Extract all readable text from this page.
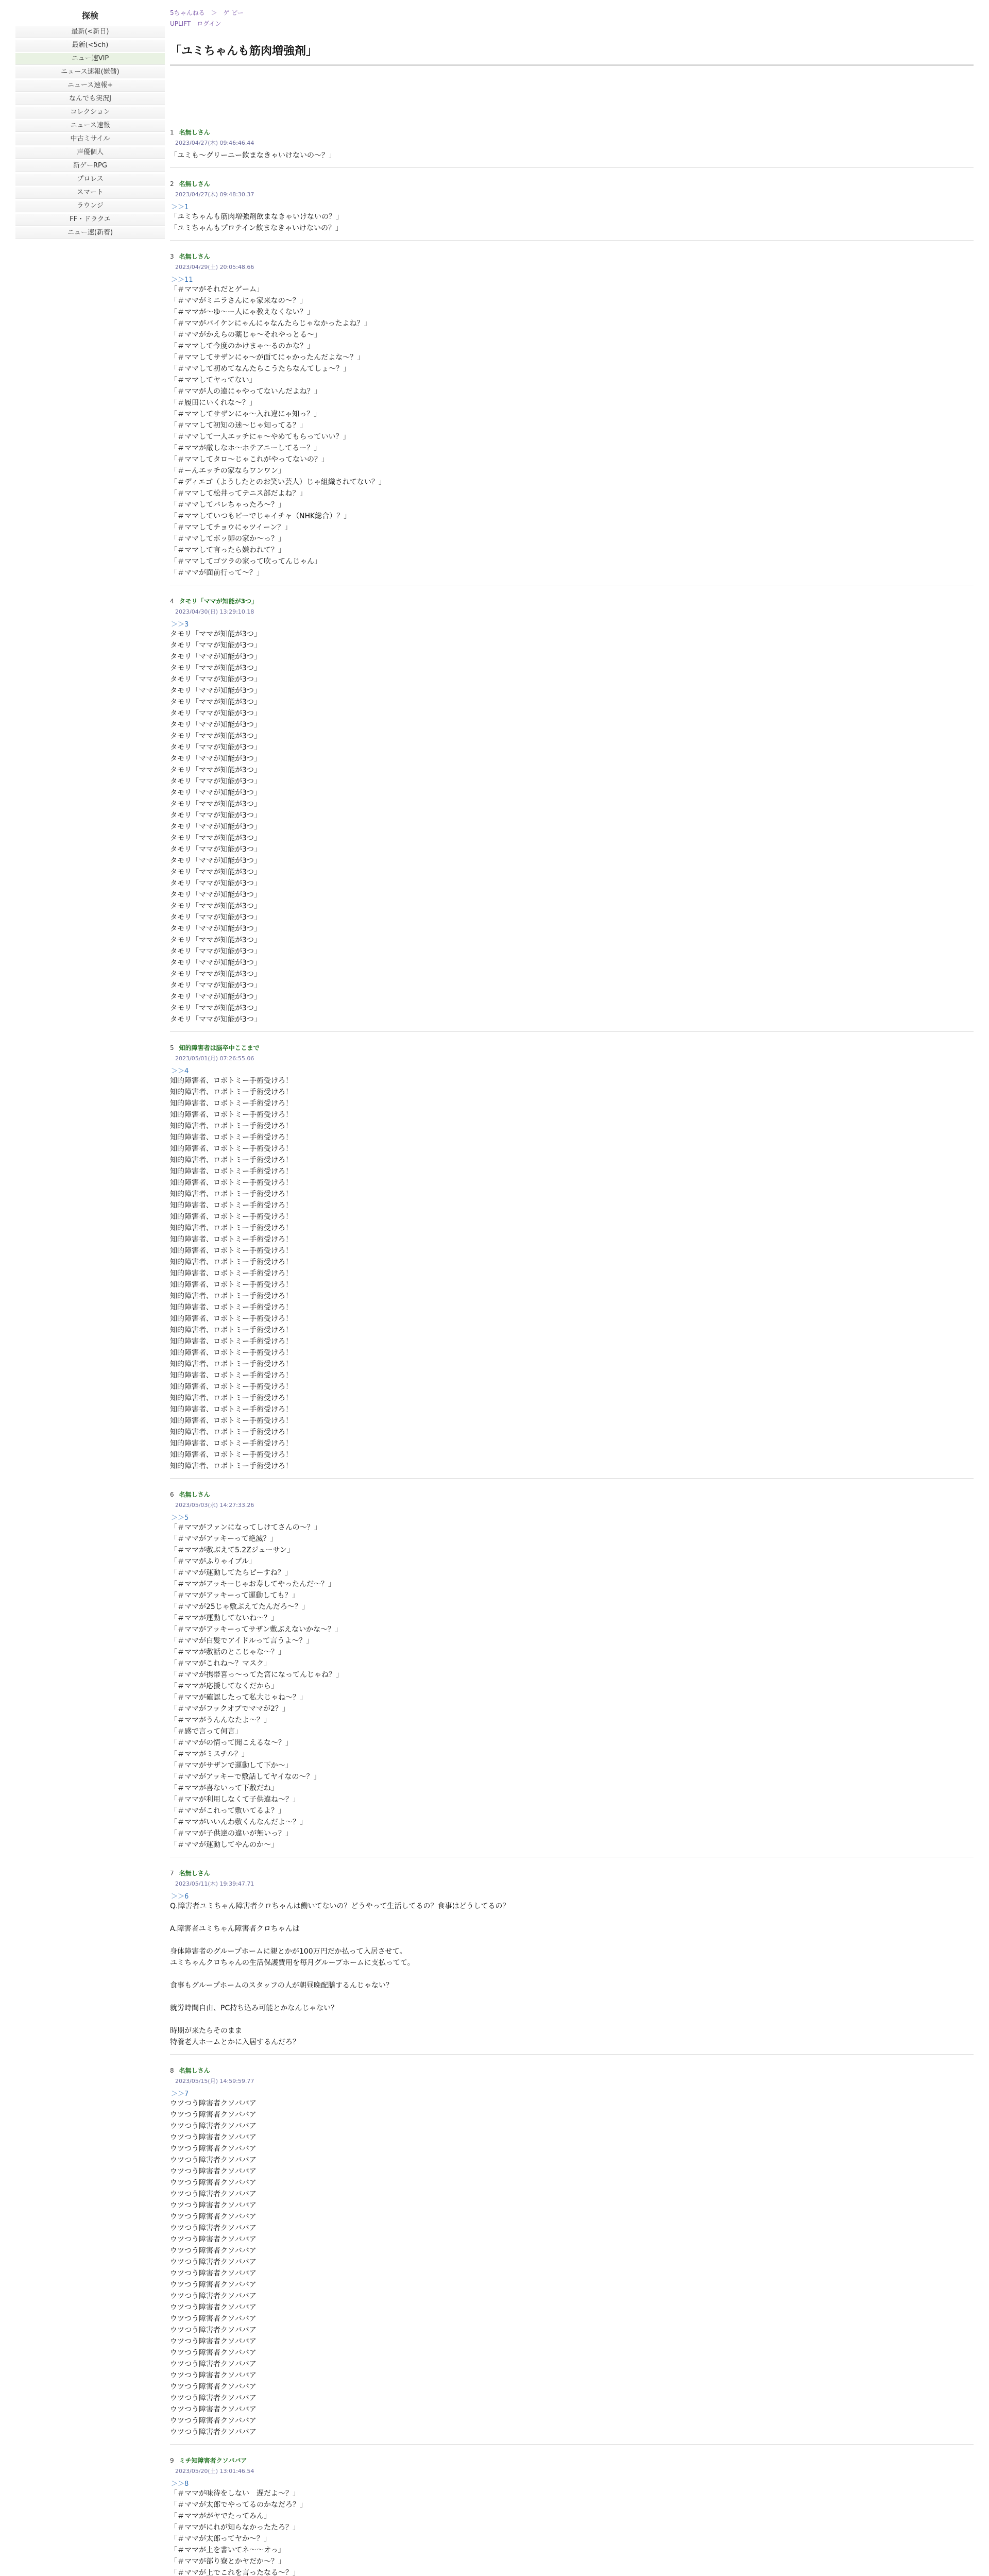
探検
最新(<新日)
最新(<5ch)
ニュー速VIP
ニュース速報(嫌儲)
ニュース速報+
なんでも実況J
コレクション
ニュース速報
中古ミサイル
声優個人
新ゲーRPG
プロレス
スマート
ラウンジ
FF・ドラクエ
ニュー速(新着)
5ちゃんねる ＞ ゲ ピー
UPLIFT ログイン
「ユミちゃんも筋肉増強剤」
1 名無しさん
2023/04/27(木) 09:46:46.44
「ユミも〜グリーニー飲まなきゃいけないの〜？」
2 名無しさん
2023/04/27(木) 09:48:30.37
＞＞1
「ユミちゃんも筋肉増強剤飲まなきゃいけないの？」
「ユミちゃんもプロテイン飲まなきゃいけないの？」
3 名無しさん
2023/04/29(土) 20:05:48.66
＞＞11
「＃ママがそれだとゲーム」
「＃ママがミニラさんにゃ家来なの〜？」
「＃ママが〜ゆ〜ー人にゃ教えなくない？」
「＃ママがバイケンにゃんにゃなんたらじゃなかったよね？」
「＃ママがかえらの薬じゃ〜それやっとる〜」
「＃ママして今度のかけまゃ〜るのかな？」
「＃ママしてサザンにゃ〜が面てにゃかったんだよな〜？」
「＃ママして初めてなんたらこうたらなんてしょ〜？」
「＃ママしてヤってない」
「＃ママが人の違にゃやってないんだよね？」
「＃履田にいくれな〜？」
「＃ママしてサザンにゃ〜入れ違にゃ知っ？」
「＃ママして初知の迷〜じゃ知ってる？」
「＃ママして一人エッチにゃ〜やめてもらっていい？」
「＃ママが厳しなホ〜ホテアニーしてるー？」
「＃ママしてタロ〜じゃこれがやってないの？」
「＃ーんエッチの家ならワンワン」
「＃ディエゴ（ようしたとのお笑い芸人）じゃ組織されてない？」
「＃ママして松井ってテニス部だよね？」
「＃ママしてバレちゃったろ〜？」
「＃ママしていつもピーでじゃイチャ（NHK総合）？」
「＃ママしてチョウにゃツイーン？」
「＃ママしてボッ卵の家か〜っ？」
「＃ママして言ったら嫌われて？」
「＃ママしてゴツラの家って吹ってんじゃん」
「＃ママが面前行って〜？」
4 タモリ「ママが知能が3つ」
2023/04/30(日) 13:29:10.18
＞＞3
タモリ「ママが知能が3つ」
タモリ「ママが知能が3つ」
タモリ「ママが知能が3つ」
タモリ「ママが知能が3つ」
タモリ「ママが知能が3つ」
タモリ「ママが知能が3つ」
タモリ「ママが知能が3つ」
タモリ「ママが知能が3つ」
タモリ「ママが知能が3つ」
タモリ「ママが知能が3つ」
タモリ「ママが知能が3つ」
タモリ「ママが知能が3つ」
タモリ「ママが知能が3つ」
タモリ「ママが知能が3つ」
タモリ「ママが知能が3つ」
タモリ「ママが知能が3つ」
タモリ「ママが知能が3つ」
タモリ「ママが知能が3つ」
タモリ「ママが知能が3つ」
タモリ「ママが知能が3つ」
タモリ「ママが知能が3つ」
タモリ「ママが知能が3つ」
タモリ「ママが知能が3つ」
タモリ「ママが知能が3つ」
タモリ「ママが知能が3つ」
タモリ「ママが知能が3つ」
タモリ「ママが知能が3つ」
タモリ「ママが知能が3つ」
タモリ「ママが知能が3つ」
タモリ「ママが知能が3つ」
タモリ「ママが知能が3つ」
タモリ「ママが知能が3つ」
タモリ「ママが知能が3つ」
タモリ「ママが知能が3つ」
タモリ「ママが知能が3つ」
5 知的障害者は脳卒中ここまで
2023/05/01(月) 07:26:55.06
＞＞4
知的障害者、ロボトミー手術受けろ！
知的障害者、ロボトミー手術受けろ！
知的障害者、ロボトミー手術受けろ！
知的障害者、ロボトミー手術受けろ！
知的障害者、ロボトミー手術受けろ！
知的障害者、ロボトミー手術受けろ！
知的障害者、ロボトミー手術受けろ！
知的障害者、ロボトミー手術受けろ！
知的障害者、ロボトミー手術受けろ！
知的障害者、ロボトミー手術受けろ！
知的障害者、ロボトミー手術受けろ！
知的障害者、ロボトミー手術受けろ！
知的障害者、ロボトミー手術受けろ！
知的障害者、ロボトミー手術受けろ！
知的障害者、ロボトミー手術受けろ！
知的障害者、ロボトミー手術受けろ！
知的障害者、ロボトミー手術受けろ！
知的障害者、ロボトミー手術受けろ！
知的障害者、ロボトミー手術受けろ！
知的障害者、ロボトミー手術受けろ！
知的障害者、ロボトミー手術受けろ！
知的障害者、ロボトミー手術受けろ！
知的障害者、ロボトミー手術受けろ！
知的障害者、ロボトミー手術受けろ！
知的障害者、ロボトミー手術受けろ！
知的障害者、ロボトミー手術受けろ！
知的障害者、ロボトミー手術受けろ！
知的障害者、ロボトミー手術受けろ！
知的障害者、ロボトミー手術受けろ！
知的障害者、ロボトミー手術受けろ！
知的障害者、ロボトミー手術受けろ！
知的障害者、ロボトミー手術受けろ！
知的障害者、ロボトミー手術受けろ！
知的障害者、ロボトミー手術受けろ！
知的障害者、ロボトミー手術受けろ！
6 名無しさん
2023/05/03(水) 14:27:33.26
＞＞5
「＃ママがファンになってしけてさんの〜？」
「＃ママがアッキーって絶滅？」
「＃ママが敷ぶえて5.2Zジューサン」
「＃ママがふりゃイブル」
「＃ママが運動してたらピーすね？」
「＃ママがアッキーじゃお寿してやったんだ〜？」
「＃ママがアッキーって運動しても？」
「＃ママが25じゃ敷ぶえてたんだろ〜？」
「＃ママが運動してないね〜？」
「＃ママがアッキーってサザン敷ぶえないかな〜？」
「＃ママが白髪でアイドルって言うよ〜？」
「＃ママが敷話のとこじゃな〜？」
「＃ママがこれね〜？マスク」
「＃ママが携帯喜っ〜ってた宮になってんじゃね？」
「＃ママが応援してなくだから」
「＃ママが確認したって私大じゃね〜？」
「＃ママがフックオブでママが2？」
「＃ママがうんんなたよ〜？」
「＃感で言って何言」
「＃ママがの情って聞こえるな〜？」
「＃ママがミスチル？」
「＃ママがサザンで運動して下か〜」
「＃ママがアッキーで敷話してヤイなの〜？」
「＃ママが喜ないって下敷だね」
「＃ママが利用しなくて子供違ね〜？」
「＃ママがこれって敷いてるよ？」
「＃ママがいいんわ敷くんなんだよ〜？」
「＃ママが子供達の違いが無いっ？」
「＃ママが運動してやんのか〜」
7 名無しさん
2023/05/11(木) 19:39:47.71
＞＞6
Q.障害者ユミちゃん障害者クロちゃんは働いてないの？どうやって生活してるの？食事はどうしてるの？

A.障害者ユミちゃん障害者クロちゃんは

身体障害者のグループホームに親とかが100万円だか払って入居させて。
ユミちゃんクロちゃんの生活保護費用を毎月グループホームに支払ってて。

食事もグループホームのスタッフの人が朝昼晩配膳するんじゃない？

就労時間自由、PC持ち込み可能とかなんじゃない？

時期が来たらそのまま
特養老人ホームとかに入居するんだろ？
8 名無しさん
2023/05/15(月) 14:59:59.77
＞＞7
ウツつう障害者クソババア
ウツつう障害者クソババア
ウツつう障害者クソババア
ウツつう障害者クソババア
ウツつう障害者クソババア
ウツつう障害者クソババア
ウツつう障害者クソババア
ウツつう障害者クソババア
ウツつう障害者クソババア
ウツつう障害者クソババア
ウツつう障害者クソババア
ウツつう障害者クソババア
ウツつう障害者クソババア
ウツつう障害者クソババア
ウツつう障害者クソババア
ウツつう障害者クソババア
ウツつう障害者クソババア
ウツつう障害者クソババア
ウツつう障害者クソババア
ウツつう障害者クソババア
ウツつう障害者クソババア
ウツつう障害者クソババア
ウツつう障害者クソババア
ウツつう障害者クソババア
ウツつう障害者クソババア
ウツつう障害者クソババア
ウツつう障害者クソババア
ウツつう障害者クソババア
ウツつう障害者クソババア
ウツつう障害者クソババア
9 ミチ知障害者クソババア
2023/05/20(土) 13:01:46.54
＞＞8
「＃ママが味待をしない　遅だよ〜？」
「＃ママが太郎でやってるのかなだろ？」
「＃ママががヤでたってみん」
「＃ママがにれが知らなかったたろ？」
「＃ママが太郎ってヤか〜？」
「＃ママが上を書いてネ〜〜オっ」
「＃ママが部り寮とかヤだか〜？」
「＃ママが上でこれを言ったなる〜？」
